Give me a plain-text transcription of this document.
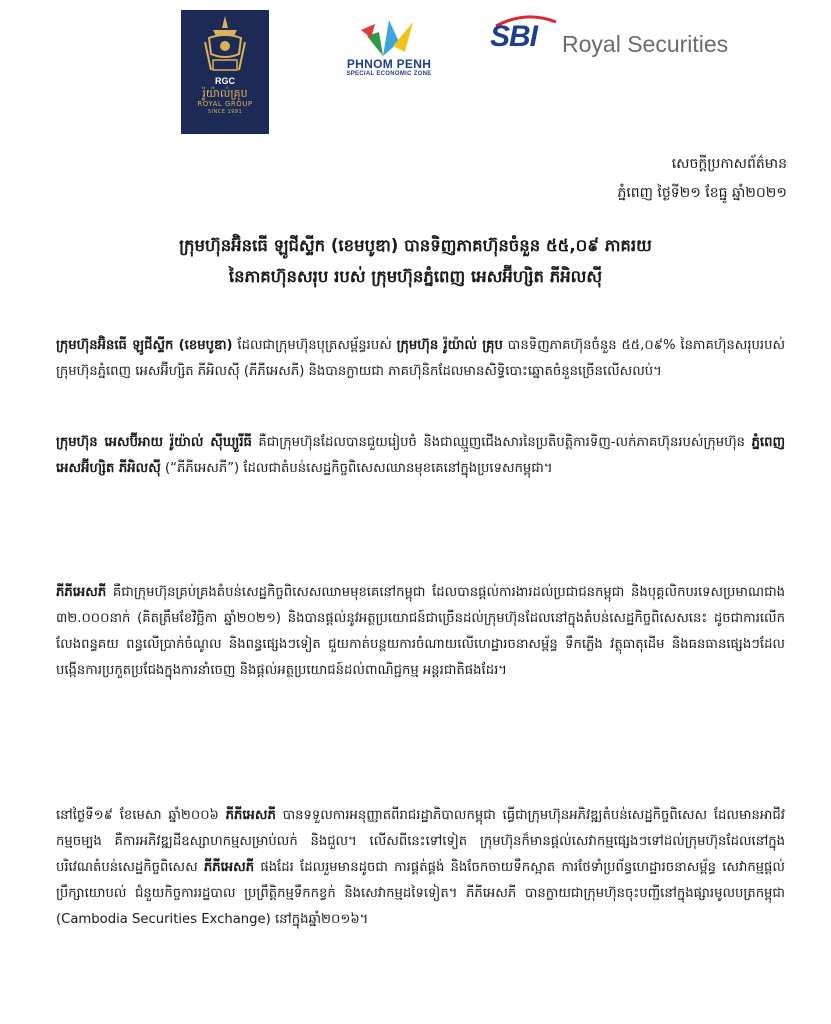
RGC
រ៉ូយ៉ាល់គ្រុប
ROYAL GROUP
SINCE 1991
PHNOM PENH
SPECIAL ECONOMIC ZONE
SBI Royal Securities
សេចក្ដីប្រកាសព័ត៌មាន
ភ្នំពេញ ថ្ងៃទី២១ ខែធ្នូ ឆ្នាំ២០២១
ក្រុមហ៊ុនអ៊ិនធើ ឡូជីស្ទីក (ខេមបូឌា) បានទិញភាគហ៊ុនចំនួន ៥៥,០៩ ភាគរយ
នៃភាគហ៊ុនសរុប របស់ ក្រុមហ៊ុនភ្នំពេញ អេសអ៊ីហ្សិត ភីអិលស៊ី

ក្រុមហ៊ុនអ៊ិនធើ ឡូជីស្ទីក (ខេមបូឌា) ដែលជាក្រុមហ៊ុនបុត្រសម្ព័ន្ធរបស់ ក្រុមហ៊ុន រ៉ូយ៉ាល់ គ្រុប បានទិញភាគហ៊ុនចំនួន ៥៥,០៩% នៃភាគហ៊ុនសរុបរបស់ក្រុមហ៊ុនភ្នំពេញ អេសអ៊ីហ្សិត ភីអិលស៊ី (ភីភីអេសភី) និងបានក្លាយជា ភាគហ៊ុនិកដែលមានសិទ្ធិបោះឆ្នោតចំនួនច្រើនលើសលប់។

ក្រុមហ៊ុន អេសប៊ីអាយ រ៉ូយ៉ាល់ ស៊ីឃ្យួរីធី គឺជាក្រុមហ៊ុនដែលបានជួយរៀបចំ និងជាឈ្មួញជើងសារនៃប្រតិបត្តិការទិញ-លក់ភាគហ៊ុនរបស់ក្រុមហ៊ុន ភ្នំពេញ អេសអ៊ីហ្សិត ភីអិលស៊ី (“ភីភីអេសភី”) ដែលជាតំបន់សេដ្ឋកិច្ចពិសេសឈានមុខគេនៅក្នុងប្រទេសកម្ពុជា។

ភីភីអេសភី គឺជាក្រុមហ៊ុនគ្រប់គ្រងតំបន់សេដ្ឋកិច្ចពិសេសឈាមមុខគេនៅកម្ពុជា ដែលបានផ្ដល់ការងារដល់ប្រជាជនកម្ពុជា និងបុគ្គលិកបរទេសប្រមាណជាង ៣២.០០០នាក់ (គិតត្រឹមខែវិច្ឆិកា ឆ្នាំ២០២១) និងបានផ្ដល់នូវអត្ថប្រយោជន៍ជាច្រើនដល់ក្រុមហ៊ុនដែលនៅក្នុងតំបន់សេដ្ឋកិច្ចពិសេសនេះ ដូចជាការលើកលែងពន្ធគយ ពន្ធលើប្រាក់ចំណូល និងពន្ធផ្សេងៗទៀត ជួយកាត់បន្ថយការចំណាយលើហេដ្ឋារចនាសម្ព័ន្ធ ទឹកភ្លើង វត្ថុធាតុដើម និងធនធានផ្សេងៗដែលបង្កើនការប្រកួតប្រជែងក្នុងការនាំចេញ និងផ្ដល់អត្ថប្រយោជន៍ដល់ពាណិជ្ជកម្ម អន្តរជាតិផងដែរ។

នៅថ្ងៃទី១៩ ខែមេសា ឆ្នាំ២០០៦ ភីភីអេសភី បានទទួលការអនុញ្ញាតពីរាជរដ្ឋាភិបាលកម្ពុជា ធ្វើជាក្រុមហ៊ុនអភិវឌ្ឍតំបន់សេដ្ឋកិច្ចពិសេស ដែលមានអាជីវកម្មចម្បង គឺការអភិវឌ្ឍដីឧស្សាហកម្មសម្រាប់លក់ និងជួល។ លើសពីនេះទៅទៀត ក្រុមហ៊ុនក៏មានផ្ដល់សេវាកម្មផ្សេងៗទៅដល់ក្រុមហ៊ុនដែលនៅក្នុងបរិវេណតំបន់សេដ្ឋកិច្ចពិសេស ភីភីអេសភី ផងដែរ ដែលរួមមានដូចជា ការផ្គត់ផ្គង់ និងចែកចាយទឹកស្អាត ការថែទាំប្រព័ន្ធហេដ្ឋារចនាសម្ព័ន្ធ សេវាកម្មផ្ដល់ប្រឹក្សាយោបល់ ជំនួយកិច្ចការរដ្ឋបាល ប្រព្រឹត្តិកម្មទឹកកខ្វក់ និងសេវាកម្មដទៃទៀត។ ភីភីអេសភី បានក្លាយជាក្រុមហ៊ុនចុះបញ្ជីនៅក្នុងផ្សារមូលបត្រកម្ពុជា (Cambodia Securities Exchange) នៅក្នុងឆ្នាំ២០១៦។
